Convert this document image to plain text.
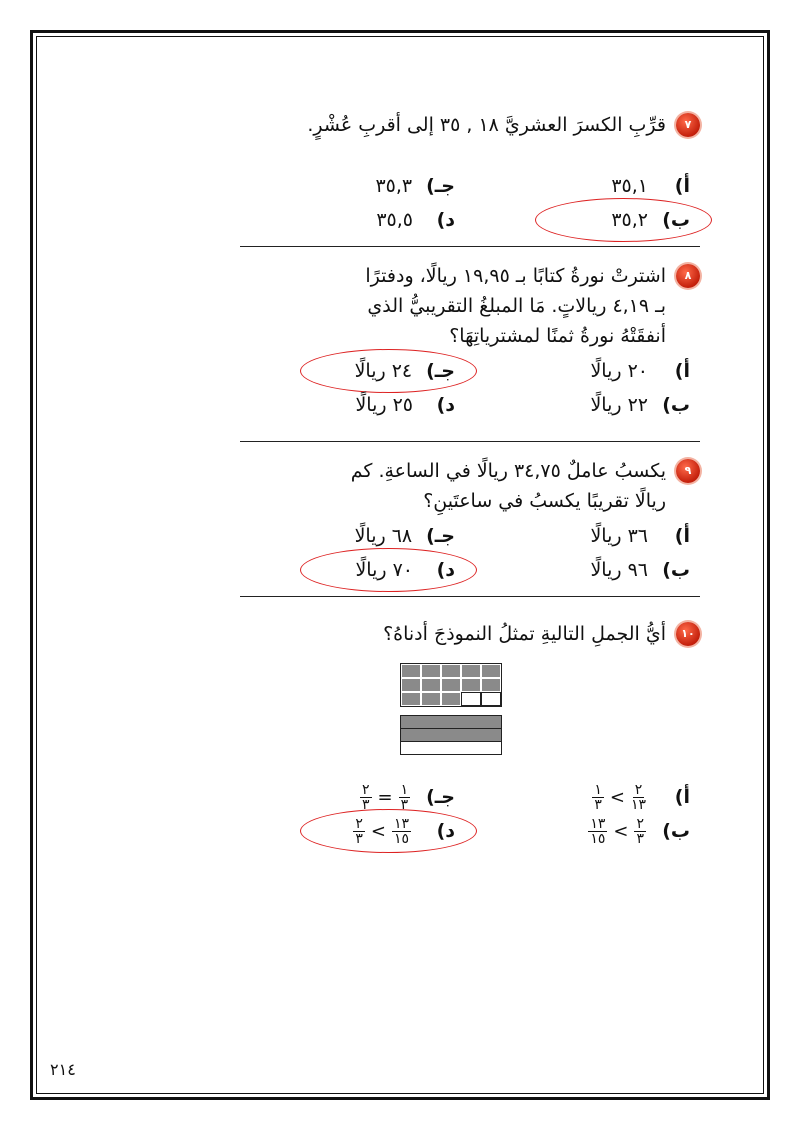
٧

قرِّبِ الكسرَ العشريَّ ١٨ , ٣٥ إلى أقربِ عُشْرٍ.

أ)
٣٥,١
جـ)
٣٥,٣
ب)
٣٥,٢
د)
٣٥,٥
٨

اشترتْ نورةُ كتابًا بـ ١٩,٩٥ ريالًا، ودفترًا

بـ ٤,١٩ ريالاتٍ. مَا المبلغُ التقريبيُّ الذي

أنفقَتْهُ نورةُ ثمنًا لمشترياتِهَا؟

أ)
٢٠ ريالًا
جـ)
٢٤ ريالًا
ب)
٢٢ ريالًا
د)
٢٥ ريالًا
٩

يكسبُ عاملٌ ٣٤,٧٥ ريالًا في الساعةِ. كم

ريالًا تقريبًا يكسبُ في ساعتَينِ؟

أ)
٣٦ ريالًا
جـ)
٦٨ ريالًا
ب)
٩٦ ريالًا
د)
٧٠ ريالًا
١٠

أيُّ الجملِ التاليةِ تمثلُ النموذجَ أدناهُ؟

أ)
$\frac{١}{٣} < \frac{٢}{١٣}$
جـ)
$\frac{٢}{٣} = \frac{١}{٣}$
ب)
$\frac{١٣}{١٥} < \frac{٢}{٣}$
د)
$\frac{٢}{٣} < \frac{١٣}{١٥}$
٢١٤
